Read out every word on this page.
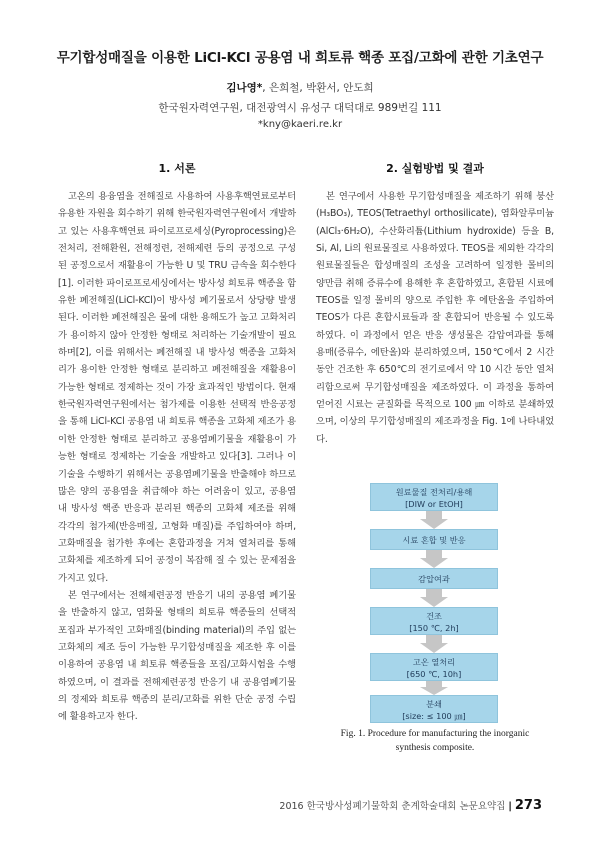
무기합성매질을 이용한 LiCl-KCl 공용염 내 희토류 핵종 포집/고화에 관한 기초연구
김나영*, 은희철, 박환서, 안도희
한국원자력연구원, 대전광역시 유성구 대덕대로 989번길 111
*kny@kaeri.re.kr
1. 서론

고온의 용융염을 전해질로 사용하여 사용후핵연료로부터 유용한 자원을 회수하기 위해 한국원자력연구원에서 개발하고 있는 사용후핵연료 파이로프로세싱(Pyroprocessing)은 전처리, 전해환원, 전해정련, 전해제련 등의 공정으로 구성된 공정으로서 재활용이 가능한 U 및 TRU 금속을 회수한다[1]. 이러한 파이로프로세싱에서는 방사성 희토류 핵종을 함유한 폐전해질(LiCl-KCl)이 방사성 폐기물로서 상당량 발생된다. 이러한 폐전해질은 물에 대한 용해도가 높고 고화처리가 용이하지 않아 안정한 형태로 처리하는 기술개발이 필요하며[2], 이를 위해서는 폐전해질 내 방사성 핵종을 고화처리가 용이한 안정한 형태로 분리하고 폐전해질을 재활용이 가능한 형태로 정제하는 것이 가장 효과적인 방법이다. 현재 한국원자력연구원에서는 첨가제를 이용한 선택적 반응공정을 통해 LiCl-KCl 공용염 내 희토류 핵종을 고화체 제조가 용이한 안정한 형태로 분리하고 공용염폐기물을 재활용이 가능한 형태로 정제하는 기술을 개발하고 있다[3]. 그러나 이 기술을 수행하기 위해서는 공용염폐기물을 반출해야 하므로 많은 양의 공용염을 취급해야 하는 어려움이 있고, 공용염 내 방사성 핵종 반응과 분리된 핵종의 고화체 제조를 위해 각각의 첨가제(반응매질, 고형화 매질)를 주입하여야 하며, 고화매질을 첨가한 후에는 혼합과정을 거쳐 열처리를 통해 고화체를 제조하게 되어 공정이 복잡해 질 수 있는 문제점을 가지고 있다.

본 연구에서는 전해제련공정 반응기 내의 공용염 폐기물을 반출하지 않고, 염화물 형태의 희토류 핵종들의 선택적 포집과 부가적인 고화매질(binding material)의 주입 없는 고화체의 제조 등이 가능한 무기합성매질을 제조한 후 이를 이용하여 공용염 내 희토류 핵종들을 포집/고화시험을 수행하였으며, 이 결과를 전해제련공정 반응기 내 공용염폐기물의 정제와 희토류 핵종의 분리/고화를 위한 단순 공정 수립에 활용하고자 한다.

2. 실험방법 및 결과

본 연구에서 사용한 무기합성매질을 제조하기 위해 붕산(H₃BO₃), TEOS(Tetraethyl orthosilicate), 염화알루미늄(AlCl₃·6H₂O), 수산화리튬(Lithium hydroxide) 등을 B, Si, Al, Li의 원료물질로 사용하였다. TEOS를 제외한 각각의 원료물질들은 합성매질의 조성을 고려하여 일정한 몰비의 양만큼 취해 증류수에 용해한 후 혼합하였고, 혼합된 시료에 TEOS를 일정 몰비의 양으로 주입한 후 에탄올을 주입하여 TEOS가 다른 혼합시료들과 잘 혼합되어 반응될 수 있도록 하였다. 이 과정에서 얻은 반응 생성물은 감압여과를 통해 용매(증류수, 에탄올)와 분리하였으며, 150℃에서 2 시간 동안 건조한 후 650℃의 전기로에서 약 10 시간 동안 열처리함으로써 무기합성매질을 제조하였다. 이 과정을 통하여 얻어진 시료는 균질화를 목적으로 100 ㎛ 이하로 분쇄하였으며, 이상의 무기합성매질의 제조과정을 Fig. 1에 나타내었다.

원료물질 전처리/용해
[DIW or EtOH]
시료 혼합 및 반응
감압여과
건조
[150 ℃, 2h]
고온 열처리
[650 ℃, 10h]
분쇄
[size: ≤ 100 ㎛]
Fig. 1. Procedure for manufacturing the inorganic
synthesis composite.
2016 한국방사성폐기물학회 춘계학술대회 논문요약집 | 273
